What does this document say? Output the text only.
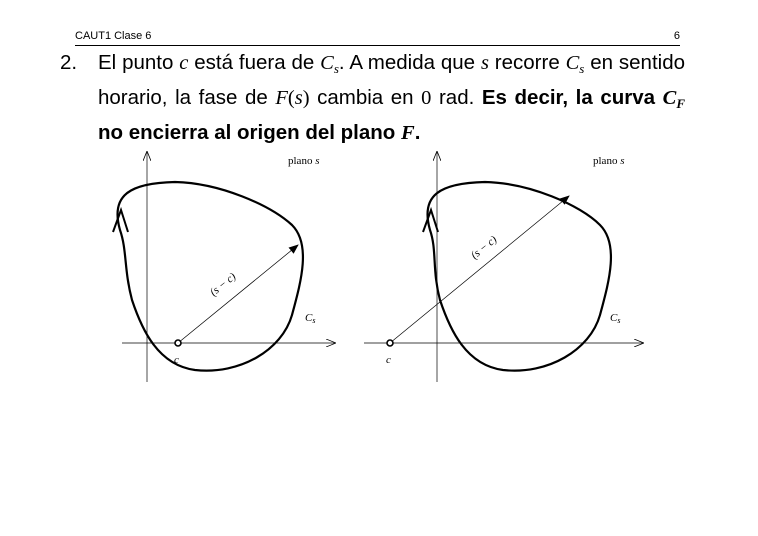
CAUT1 Clase 6	6
2.	El punto c está fuera de $C_s$. A medida que s recorre $C_s$ en sentido horario, la fase de F(s) cambia en 0 rad. Es decir, la curva $C_F$ no encierra al origen del plano F.
plano s
(s − c)
Cs
c
plano s
(s − c)
Cs
c
